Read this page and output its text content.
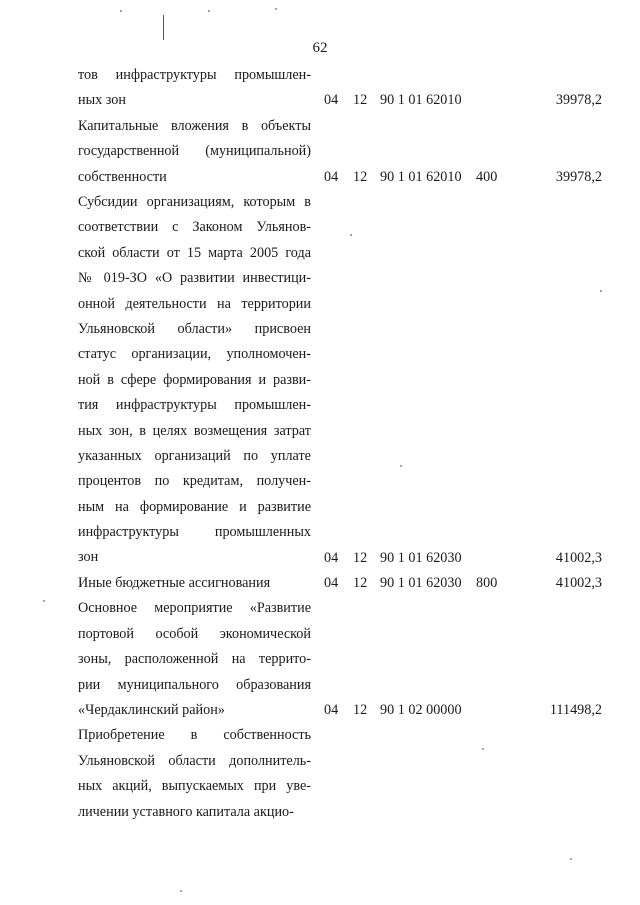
62
тов инфраструктуры промышлен-
ных зон	04 12 90 1 01 62010	39978,2
Капитальные вложения в объекты
государственной (муниципальной)
собственности	04 12 90 1 01 62010 400	39978,2
Субсидии организациям, которым в
соответствии с Законом Ульянов-
ской области от 15 марта 2005 года
№ 019-ЗО «О развитии инвестици-
онной деятельности на территории
Ульяновской области» присвоен
статус организации, уполномочен-
ной в сфере формирования и разви-
тия инфраструктуры промышлен-
ных зон, в целях возмещения затрат
указанных организаций по уплате
процентов по кредитам, получен-
ным на формирование и развитие
инфраструктуры промышленных
зон	04 12 90 1 01 62030	41002,3
Иные бюджетные ассигнования	04 12 90 1 01 62030 800	41002,3
Основное мероприятие «Развитие
портовой особой экономической
зоны, расположенной на террито-
рии муниципального образования
«Чердаклинский район»	04 12 90 1 02 00000	111498,2
Приобретение в собственность
Ульяновской области дополнитель-
ных акций, выпускаемых при уве-
личении уставного капитала акцио-
